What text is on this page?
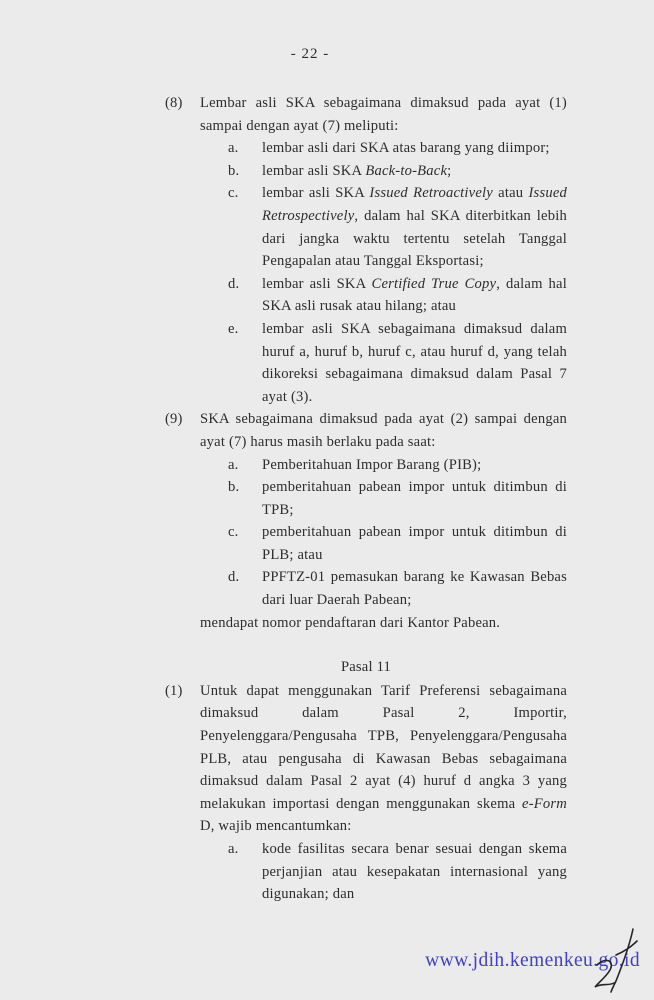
- 22 -
(8)	Lembar asli SKA sebagaimana dimaksud pada ayat (1) sampai dengan ayat (7) meliputi:
a.	lembar asli dari SKA atas barang yang diimpor;
b.	lembar asli SKA Back-to-Back;
c.	lembar asli SKA Issued Retroactively atau Issued Retrospectively, dalam hal SKA diterbitkan lebih dari jangka waktu tertentu setelah Tanggal Pengapalan atau Tanggal Eksportasi;
d.	lembar asli SKA Certified True Copy, dalam hal SKA asli rusak atau hilang; atau
e.	lembar asli SKA sebagaimana dimaksud dalam huruf a, huruf b, huruf c, atau huruf d, yang telah dikoreksi sebagaimana dimaksud dalam Pasal 7 ayat (3).
(9)	SKA sebagaimana dimaksud pada ayat (2) sampai dengan ayat (7) harus masih berlaku pada saat:
a.	Pemberitahuan Impor Barang (PIB);
b.	pemberitahuan pabean impor untuk ditimbun di TPB;
c.	pemberitahuan pabean impor untuk ditimbun di PLB; atau
d.	PPFTZ-01 pemasukan barang ke Kawasan Bebas dari luar Daerah Pabean;
mendapat nomor pendaftaran dari Kantor Pabean.
Pasal 11
(1)	Untuk dapat menggunakan Tarif Preferensi sebagaimana dimaksud dalam Pasal 2, Importir, Penyelenggara/Pengusaha TPB, Penyelenggara/Pengusaha PLB, atau pengusaha di Kawasan Bebas sebagaimana dimaksud dalam Pasal 2 ayat (4) huruf d angka 3 yang melakukan importasi dengan menggunakan skema e-Form D, wajib mencantumkan:
a.	kode fasilitas secara benar sesuai dengan skema perjanjian atau kesepakatan internasional yang digunakan; dan
www.jdih.kemenkeu.go.id
